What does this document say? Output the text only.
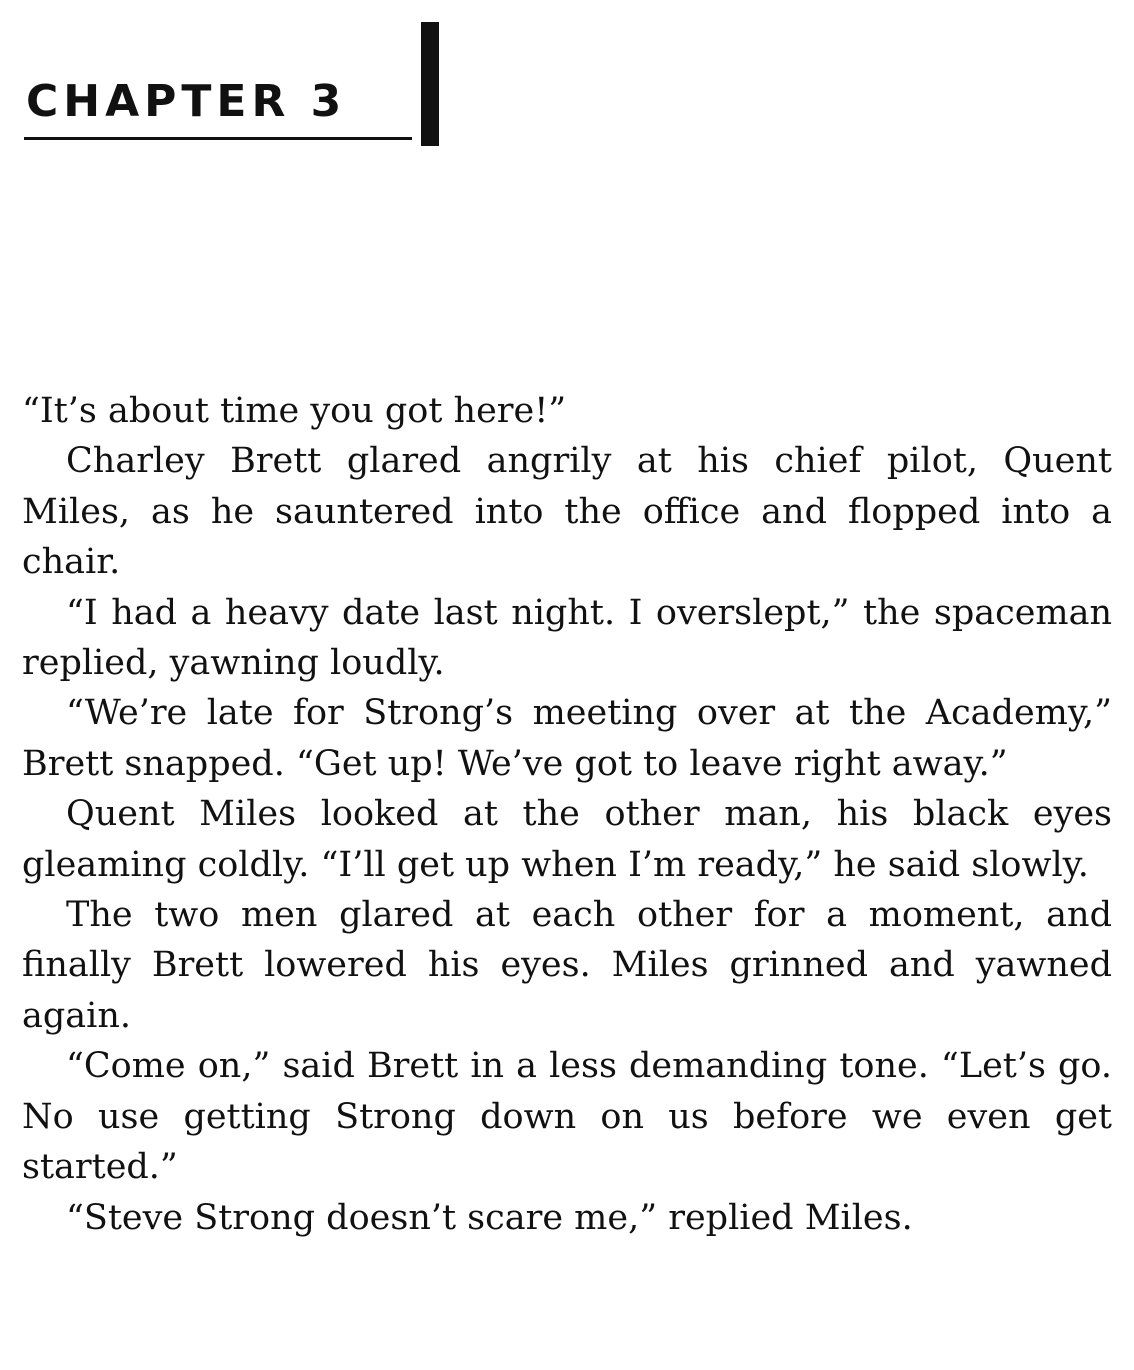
CHAPTER 3

“It’s about time you got here!”

Charley Brett glared angrily at his chief pilot, Quent Miles, as he sauntered into the office and flopped into a chair.

“I had a heavy date last night. I overslept,” the spaceman replied, yawning loudly.

“We’re late for Strong’s meeting over at the Academy,” Brett snapped. “Get up! We’ve got to leave right away.”

Quent Miles looked at the other man, his black eyes gleaming coldly. “I’ll get up when I’m ready,” he said slowly.

The two men glared at each other for a moment, and finally Brett lowered his eyes. Miles grinned and yawned again.

“Come on,” said Brett in a less demanding tone. “Let’s go. No use getting Strong down on us before we even get started.”

“Steve Strong doesn’t scare me,” replied Miles.
